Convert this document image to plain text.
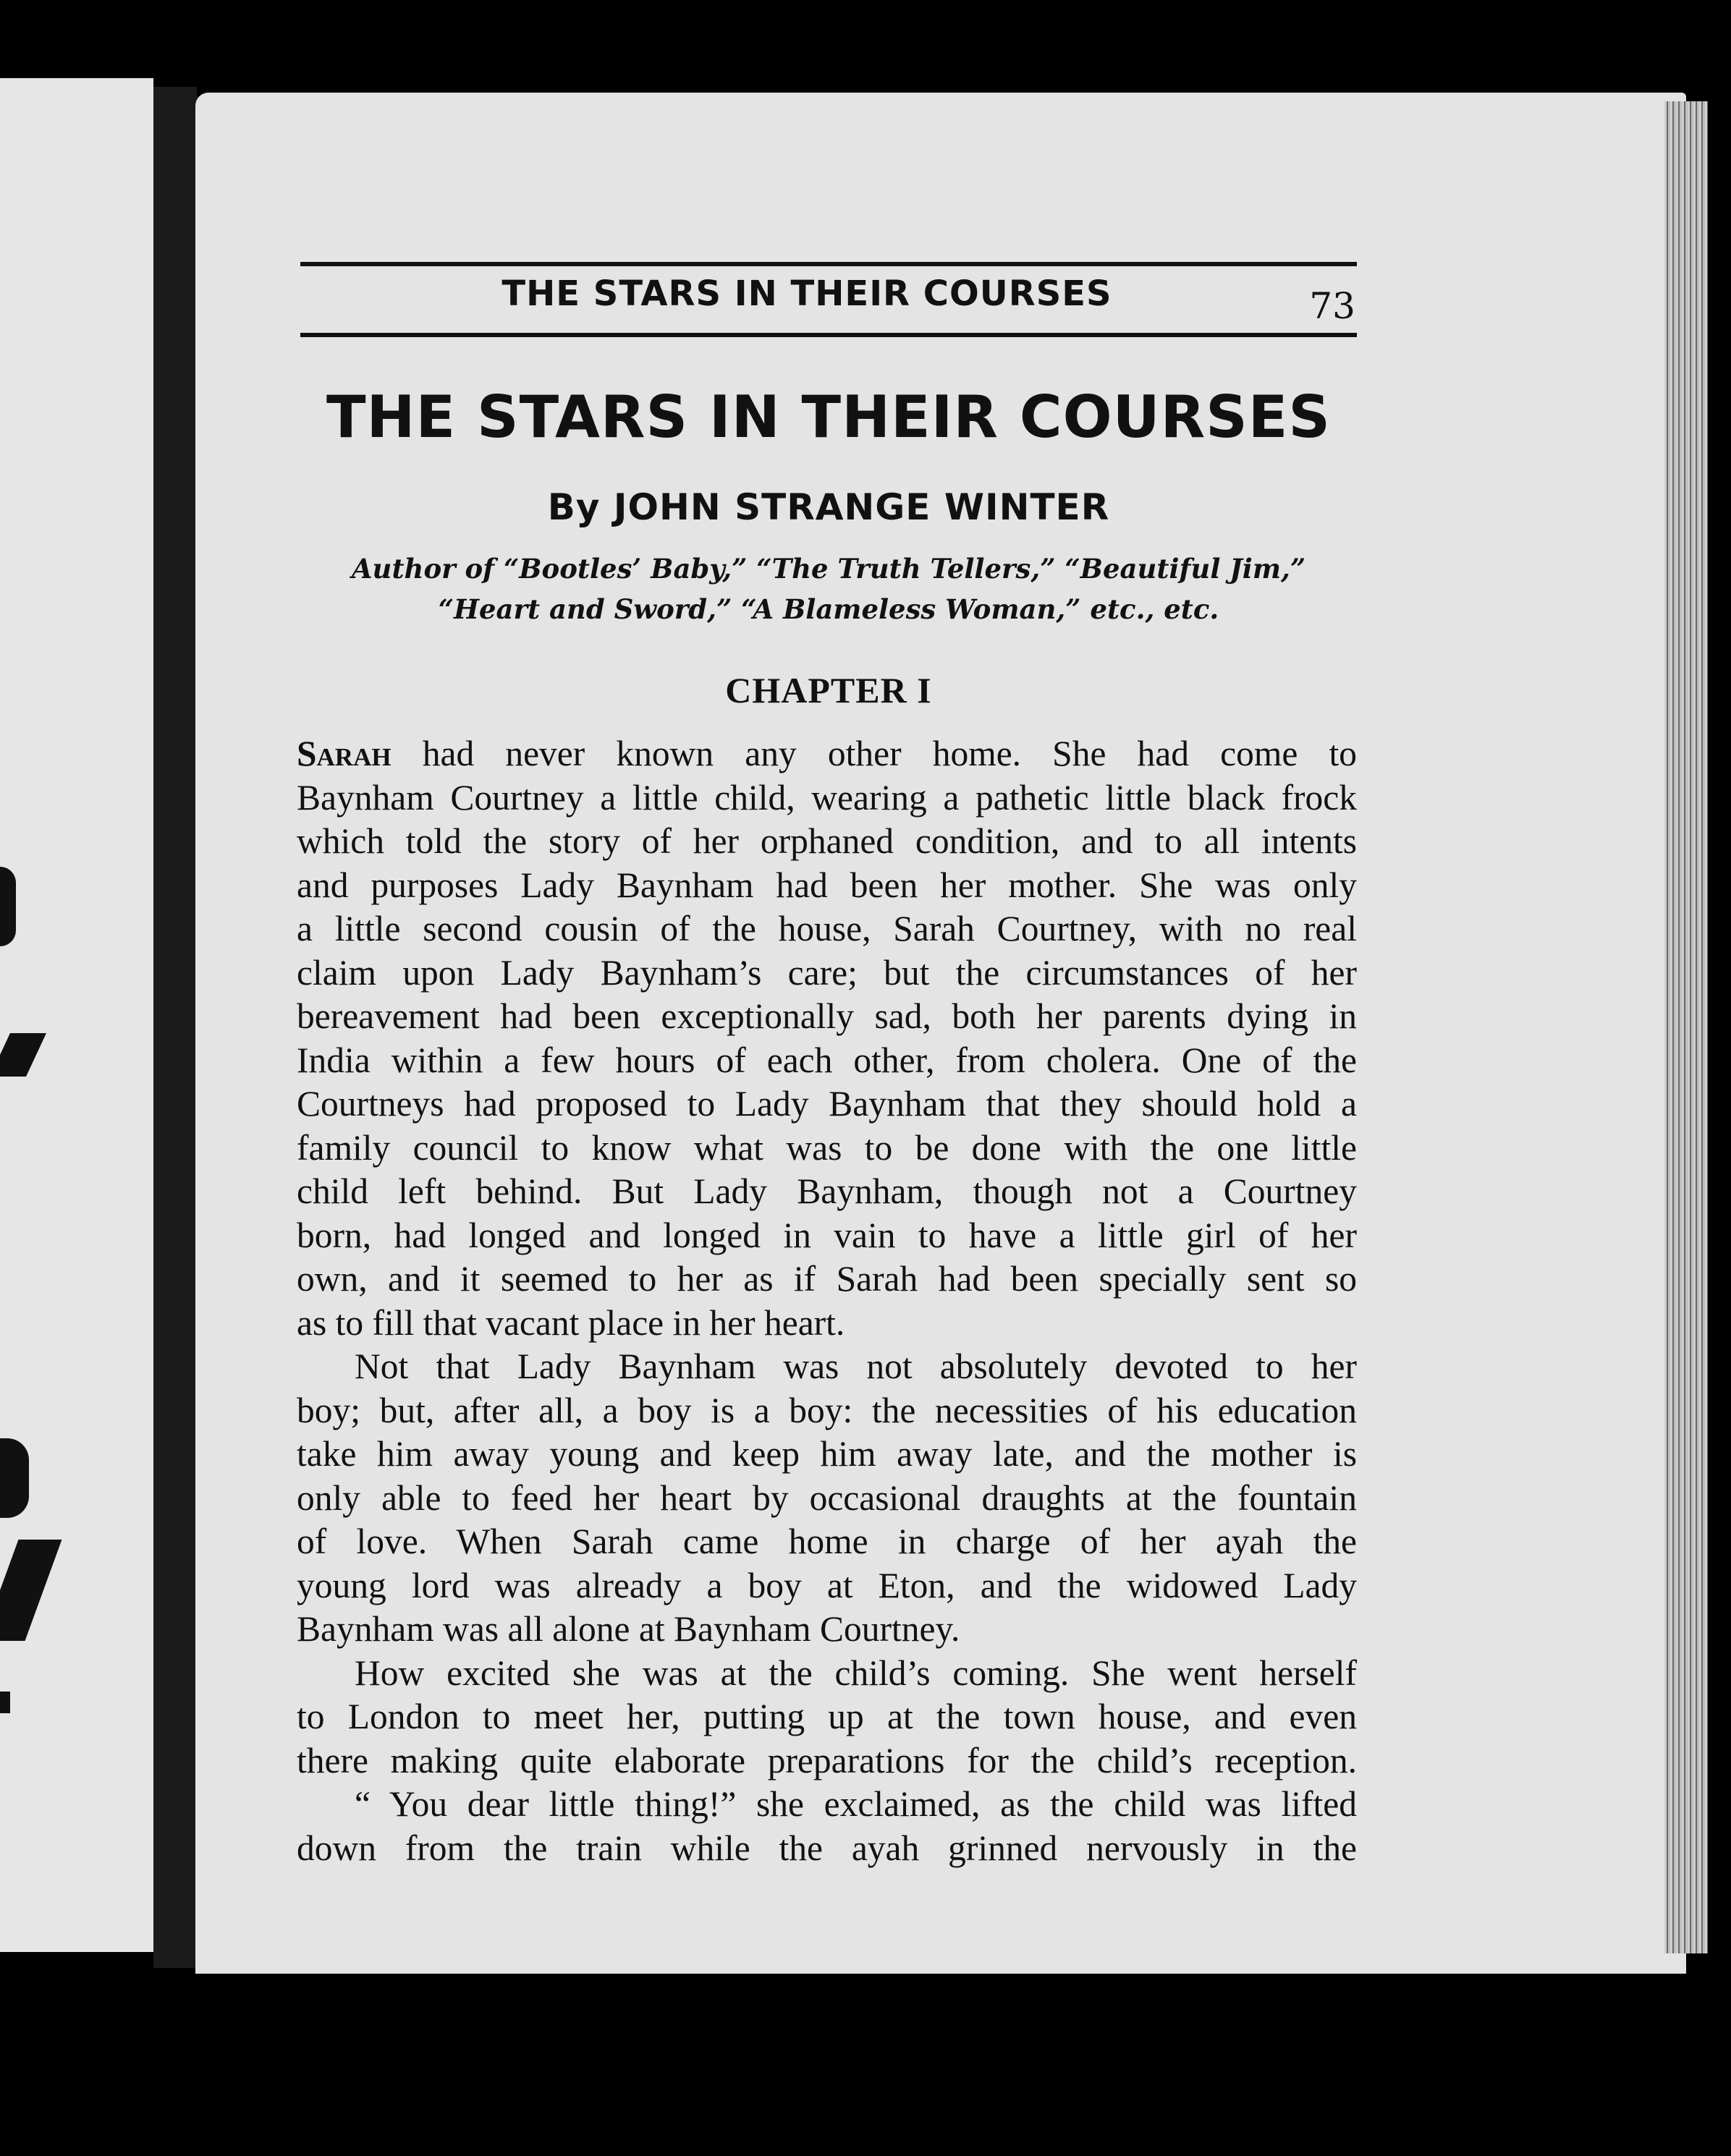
THE STARS IN THEIR COURSES	73
THE STARS IN THEIR COURSES
By JOHN STRANGE WINTER
Author of “Bootles’ Baby,” “The Truth Tellers,” “Beautiful Jim,”
“Heart and Sword,” “A Blameless Woman,” etc., etc.
CHAPTER I
Sarah had never known any other home. She had come to
Baynham Courtney a little child, wearing a pathetic little black frock
which told the story of her orphaned condition, and to all intents
and purposes Lady Baynham had been her mother. She was only
a little second cousin of the house, Sarah Courtney, with no real
claim upon Lady Baynham’s care; but the circumstances of her
bereavement had been exceptionally sad, both her parents dying in
India within a few hours of each other, from cholera. One of the
Courtneys had proposed to Lady Baynham that they should hold a
family council to know what was to be done with the one little
child left behind. But Lady Baynham, though not a Courtney
born, had longed and longed in vain to have a little girl of her
own, and it seemed to her as if Sarah had been specially sent so
as to fill that vacant place in her heart.
Not that Lady Baynham was not absolutely devoted to her
boy; but, after all, a boy is a boy: the necessities of his education
take him away young and keep him away late, and the mother is
only able to feed her heart by occasional draughts at the fountain
of love. When Sarah came home in charge of her ayah the
young lord was already a boy at Eton, and the widowed Lady
Baynham was all alone at Baynham Courtney.
How excited she was at the child’s coming. She went herself
to London to meet her, putting up at the town house, and even
there making quite elaborate preparations for the child’s reception.
“ You dear little thing!” she exclaimed, as the child was lifted
down from the train while the ayah grinned nervously in the
